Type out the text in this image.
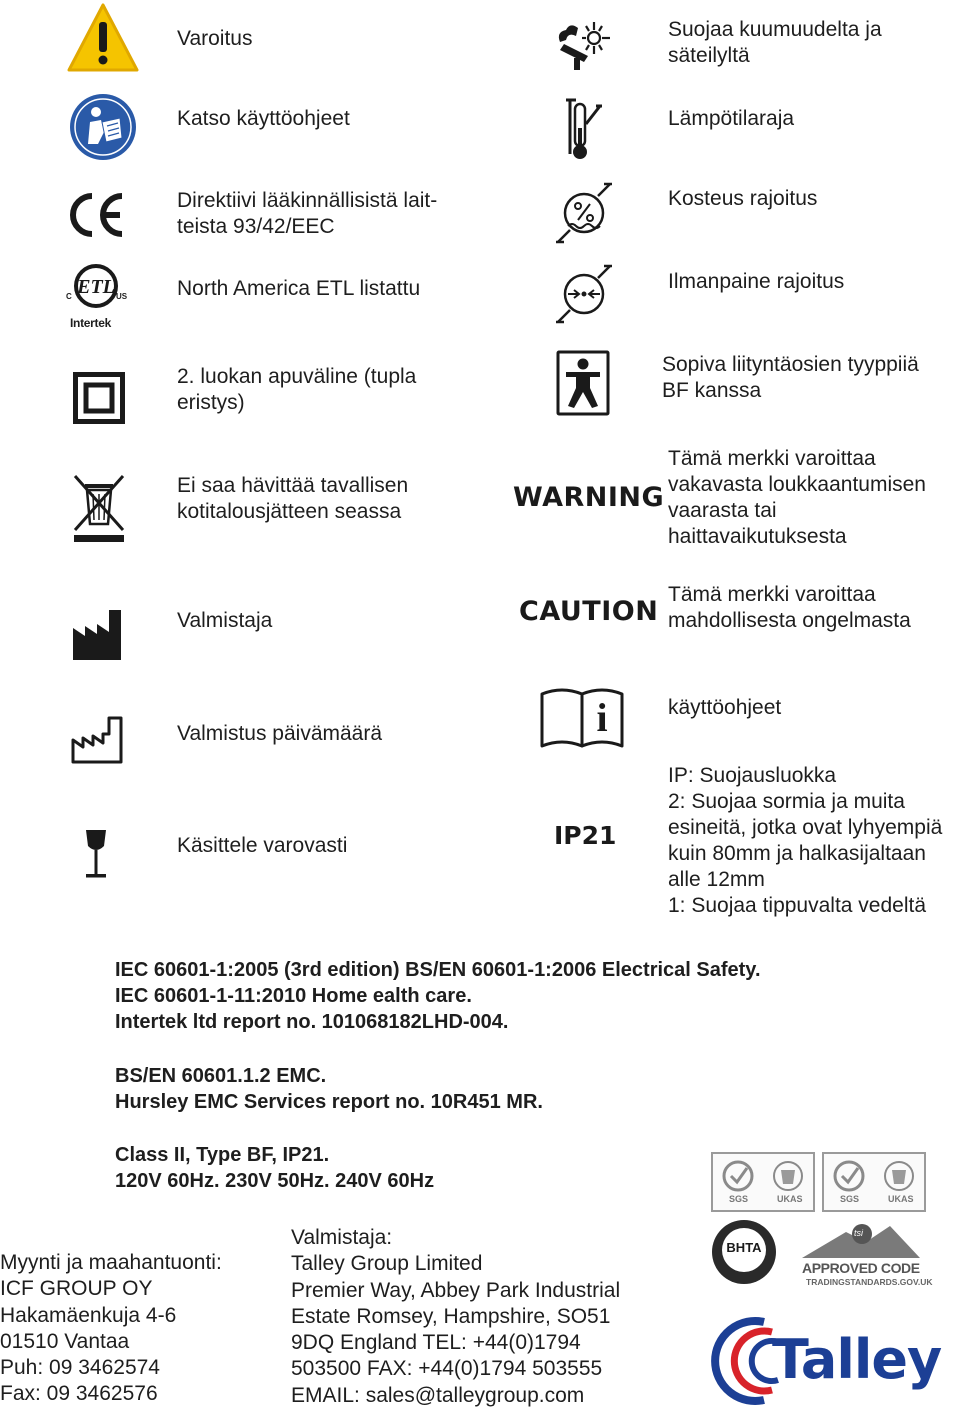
Varoitus
Katso käyttöohjeet
Direktiivi lääkinnällisistä lait-
teista 93/42/EEC
ETL
C	US
Intertek
North America ETL listattu
2. luokan apuväline (tupla
eristys)
Ei saa hävittää tavallisen
kotitalousjätteen seassa
Valmistaja
Valmistus päivämäärä
Käsittele varovasti
Suojaa kuumuudelta ja
säteilyltä
Lämpötilaraja
Kosteus rajoitus
Ilmanpaine rajoitus
Sopiva liityntäosien tyyppiiä
BF kanssa
WARNING
Tämä merkki varoittaa
vakavasta loukkaantumisen
vaarasta tai
haittavaikutuksesta
CAUTION
Tämä merkki varoittaa
mahdollisesta ongelmasta
i	käyttöohjeet
IP21
IP: Suojausluokka
2: Suojaa sormia ja muita
esineitä, jotka ovat lyhyempiä
kuin 80mm ja halkasijaltaan
alle 12mm
1: Suojaa tippuvalta vedeltä
IEC 60601-1:2005 (3rd edition) BS/EN 60601-1:2006 Electrical Safety.
IEC 60601-1-11:2010 Home ealth care.
Intertek ltd report no. 101068182LHD-004.
BS/EN 60601.1.2 EMC.
Hursley EMC Services report no. 10R451 MR.
Class II, Type BF, IP21.
120V 60Hz. 230V 50Hz. 240V 60Hz
SGS	UKAS	SGS	UKAS
BHTA
tsi
APPROVED CODE
TRADINGSTANDARDS.GOV.UK
Talley
Myynti ja maahantuonti:
ICF GROUP OY
Hakamäenkuja 4-6
01510 Vantaa
Puh: 09 3462574
Fax: 09 3462576
Valmistaja:
Talley Group Limited
Premier Way, Abbey Park Industrial
Estate Romsey, Hampshire, SO51
9DQ England TEL: +44(0)1794
503500 FAX: +44(0)1794 503555
EMAIL: sales@talleygroup.com
